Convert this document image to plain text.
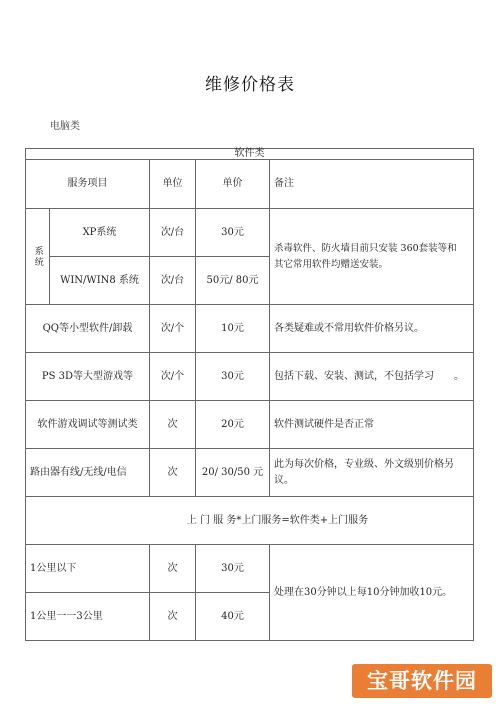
维修价格表
电脑类
软件类				
服务项目		单位	单价	备注
系统	XP系统	次/台	30元	杀毒软件、防火墙目前只安装 360套装等和
其它常用软件均赠送安装。
	WIN/WIN8 系统	次/台	50元/ 80元	
QQ等小型软件/卸载		次/个	10元	各类疑难或不常用软件价格另议。
PS 3D等大型游戏等		次/个	30元	包括下载、安装、测试，不包括学习　　。
软件游戏调试等测试类		次	20元	软件测试硬件是否正常
路由器有线/无线/电信		次	20/ 30/50 元	此为每次价格，专业级、外文级别价格另议。
上 门 服 务*上门服务=软件类+上门服务				
1公里以下		次	30元	处理在30分钟以上每10分钟加收10元。
1公里一一3公里		次	40元	
宝哥软件园
